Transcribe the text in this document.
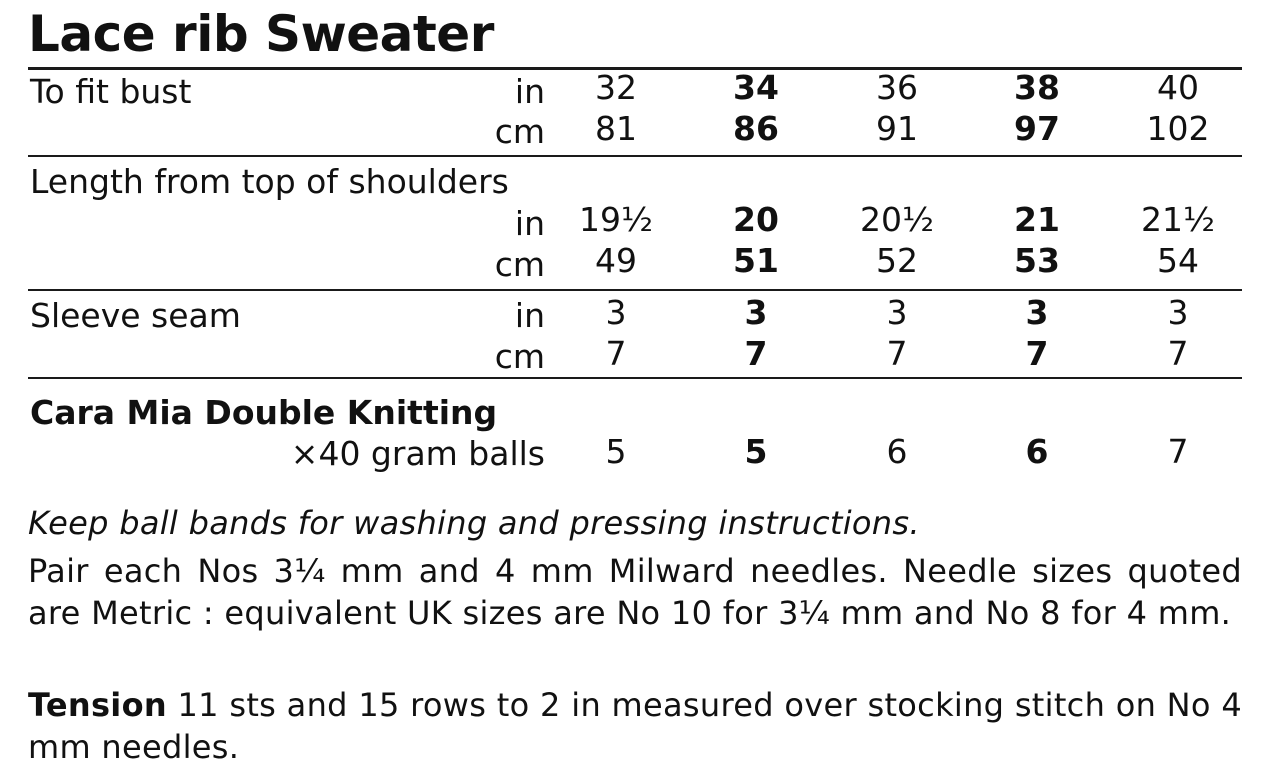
Lace rib Sweater
To fit bust	in	32	34	36	38	40
cm	81	86	91	97	102
Length from top of shoulders
in	19½	20	20½	21	21½
cm	49	51	52	53	54
Sleeve seam	in	3	3	3	3	3
cm	7	7	7	7	7
Cara Mia Double Knitting
×40 gram balls	5	5	6	6	7
Keep ball bands for washing and pressing instructions.
Pair each Nos 3¼ mm and 4 mm Milward needles. Needle sizes quoted are Metric : equivalent UK sizes are No 10 for 3¼ mm and No 8 for 4 mm.
Tension 11 sts and 15 rows to 2 in measured over stocking stitch on No 4 mm needles.
